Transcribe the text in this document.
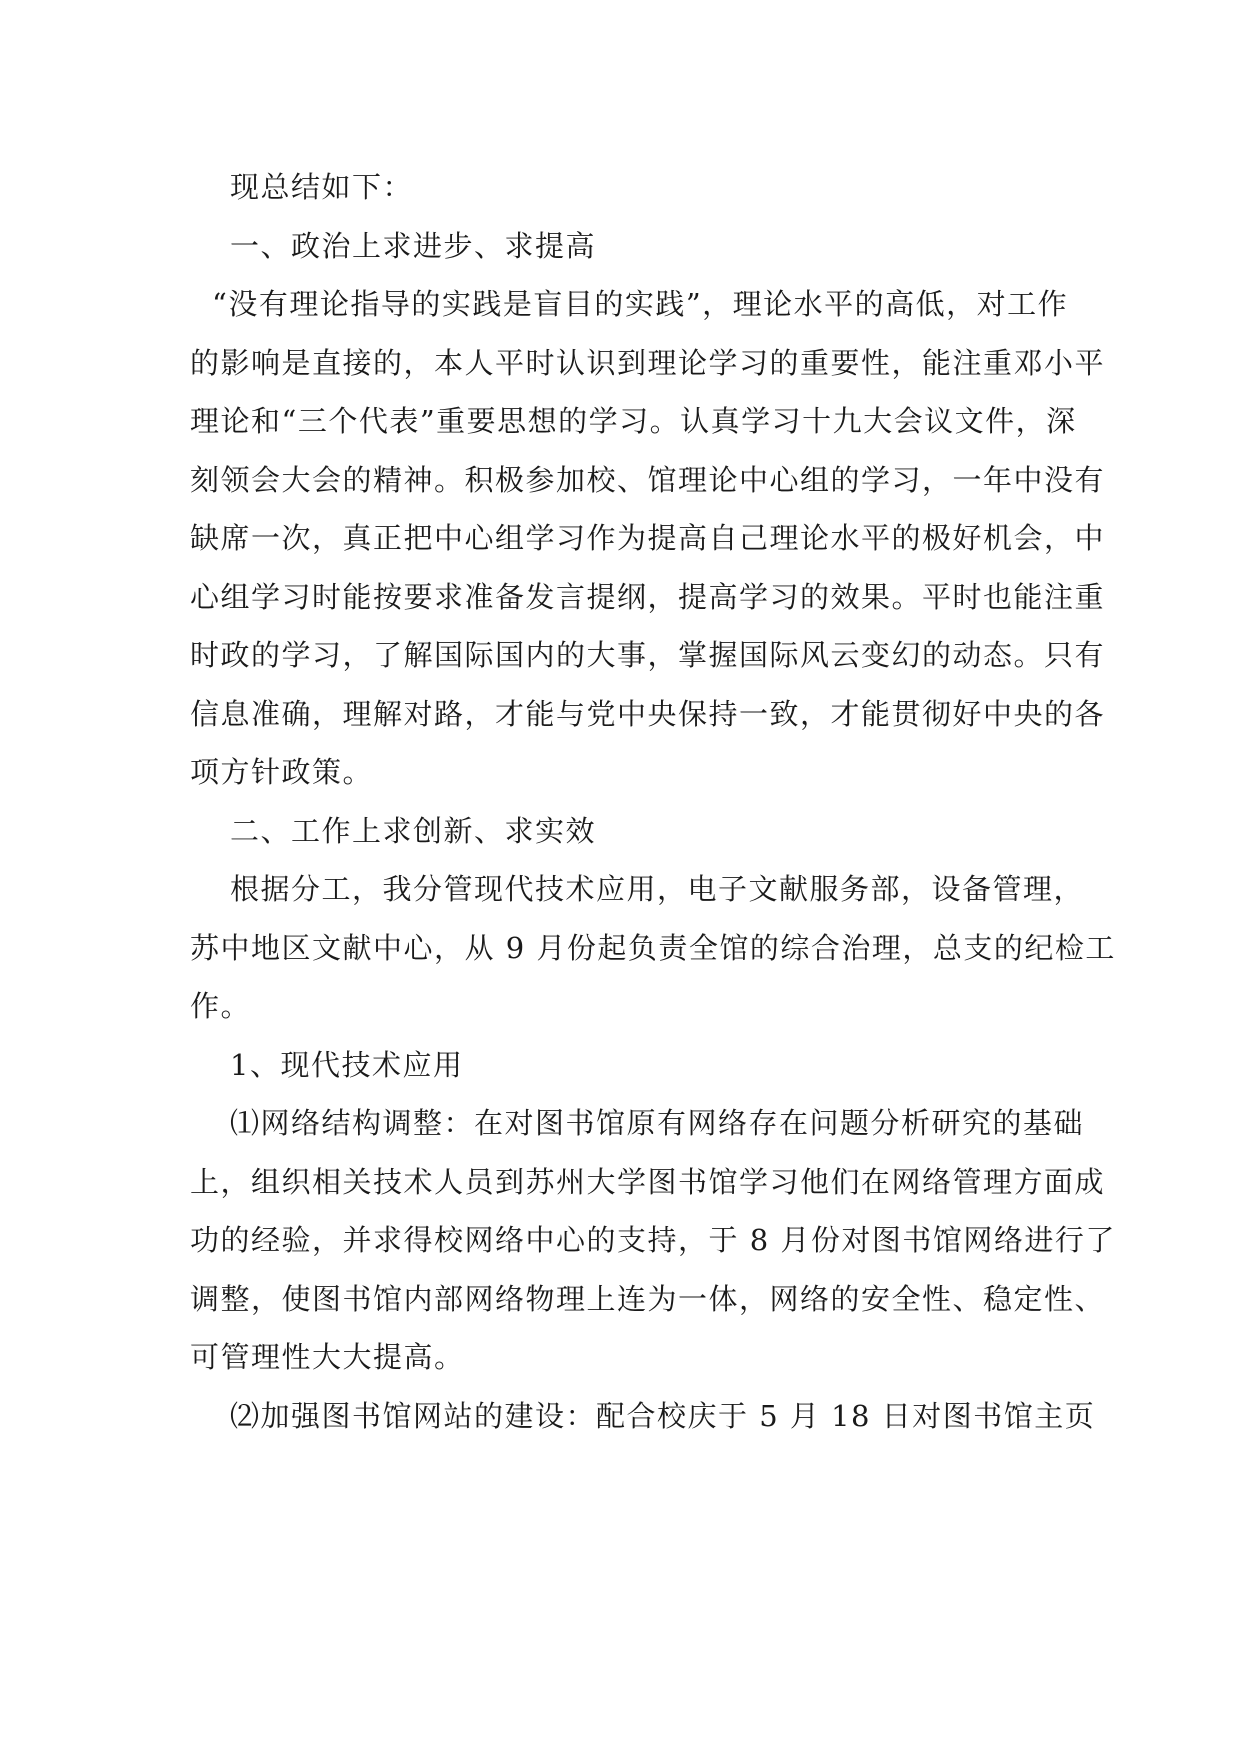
现总结如下：
一、政治上求进步、求提高
“没有理论指导的实践是盲目的实践”，理论水平的高低，对工作
的影响是直接的，本人平时认识到理论学习的重要性，能注重邓小平
理论和“三个代表”重要思想的学习。认真学习十九大会议文件，深
刻领会大会的精神。积极参加校、馆理论中心组的学习，一年中没有
缺席一次，真正把中心组学习作为提高自己理论水平的极好机会，中
心组学习时能按要求准备发言提纲，提高学习的效果。平时也能注重
时政的学习，了解国际国内的大事，掌握国际风云变幻的动态。只有
信息准确，理解对路，才能与党中央保持一致，才能贯彻好中央的各
项方针政策。
二、工作上求创新、求实效
根据分工，我分管现代技术应用，电子文献服务部，设备管理，
苏中地区文献中心，从 9 月份起负责全馆的综合治理，总支的纪检工
作。
1、现代技术应用
⑴网络结构调整：在对图书馆原有网络存在问题分析研究的基础
上，组织相关技术人员到苏州大学图书馆学习他们在网络管理方面成
功的经验，并求得校网络中心的支持，于 8 月份对图书馆网络进行了
调整，使图书馆内部网络物理上连为一体，网络的安全性、稳定性、
可管理性大大提高。
⑵加强图书馆网站的建设：配合校庆于 5 月 18 日对图书馆主页
